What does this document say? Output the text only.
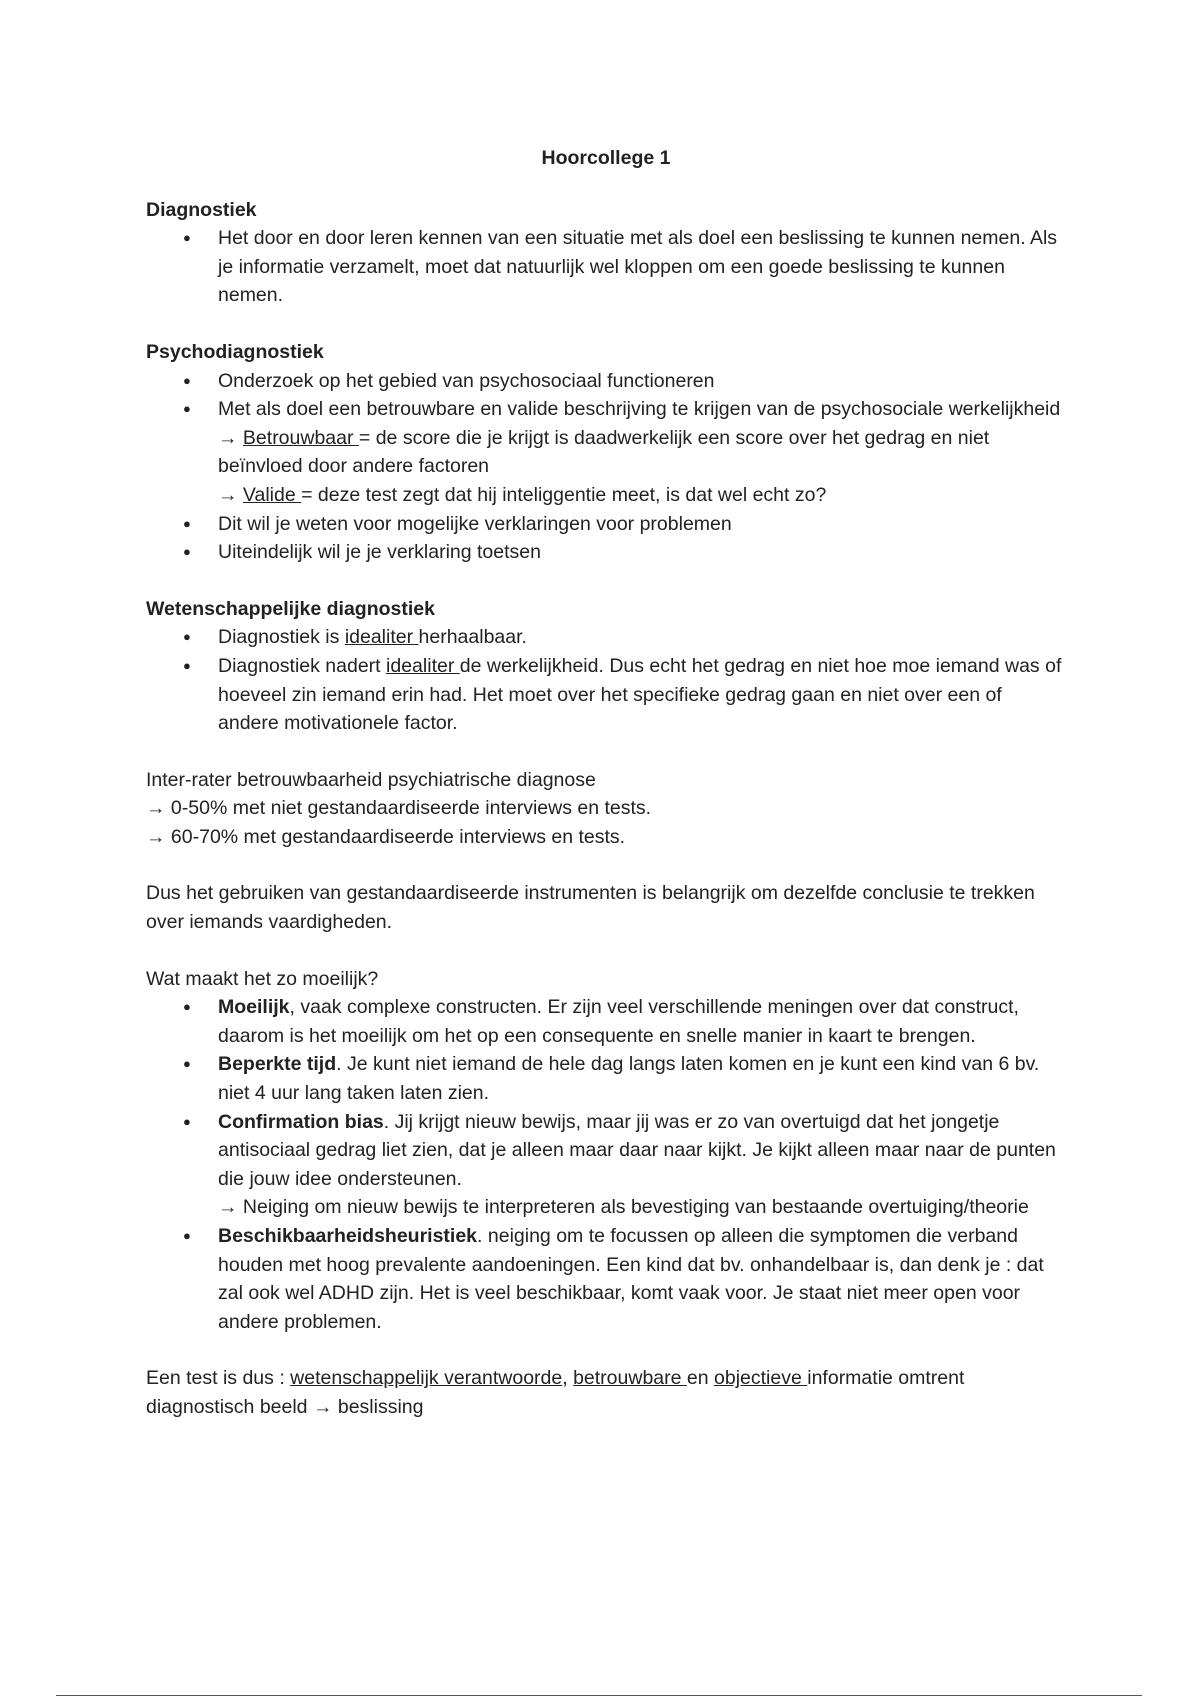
Hoorcollege 1
Diagnostiek
● Het door en door leren kennen van een situatie met als doel een beslissing te kunnen nemen. Als je informatie verzamelt, moet dat natuurlijk wel kloppen om een goede beslissing te kunnen nemen.
Psychodiagnostiek
● Onderzoek op het gebied van psychosociaal functioneren
● Met als doel een betrouwbare en valide beschrijving te krijgen van de psychosociale werkelijkheid
→ Betrouwbaar = de score die je krijgt is daadwerkelijk een score over het gedrag en niet beïnvloed door andere factoren
→ Valide = deze test zegt dat hij inteliggentie meet, is dat wel echt zo?
● Dit wil je weten voor mogelijke verklaringen voor problemen
● Uiteindelijk wil je je verklaring toetsen
Wetenschappelijke diagnostiek
● Diagnostiek is idealiter herhaalbaar.
● Diagnostiek nadert idealiter de werkelijkheid. Dus echt het gedrag en niet hoe moe iemand was of hoeveel zin iemand erin had. Het moet over het specifieke gedrag gaan en niet over een of andere motivationele factor.

Inter-rater betrouwbaarheid psychiatrische diagnose

→ 0-50% met niet gestandaardiseerde interviews en tests.

→ 60-70% met gestandaardiseerde interviews en tests.

Dus het gebruiken van gestandaardiseerde instrumenten is belangrijk om dezelfde conclusie te trekken over iemands vaardigheden.

Wat maakt het zo moeilijk?

● Moeilijk, vaak complexe constructen. Er zijn veel verschillende meningen over dat construct, daarom is het moeilijk om het op een consequente en snelle manier in kaart te brengen.
● Beperkte tijd. Je kunt niet iemand de hele dag langs laten komen en je kunt een kind van 6 bv. niet 4 uur lang taken laten zien.
● Confirmation bias. Jij krijgt nieuw bewijs, maar jij was er zo van overtuigd dat het jongetje antisociaal gedrag liet zien, dat je alleen maar daar naar kijkt. Je kijkt alleen maar naar de punten die jouw idee ondersteunen.
→ Neiging om nieuw bewijs te interpreteren als bevestiging van bestaande overtuiging/theorie
● Beschikbaarheidsheuristiek. neiging om te focussen op alleen die symptomen die verband houden met hoog prevalente aandoeningen. Een kind dat bv. onhandelbaar is, dan denk je : dat zal ook wel ADHD zijn. Het is veel beschikbaar, komt vaak voor. Je staat niet meer open voor andere problemen.

Een test is dus : wetenschappelijk verantwoorde, betrouwbare en objectieve informatie omtrent diagnostisch beeld → beslissing
